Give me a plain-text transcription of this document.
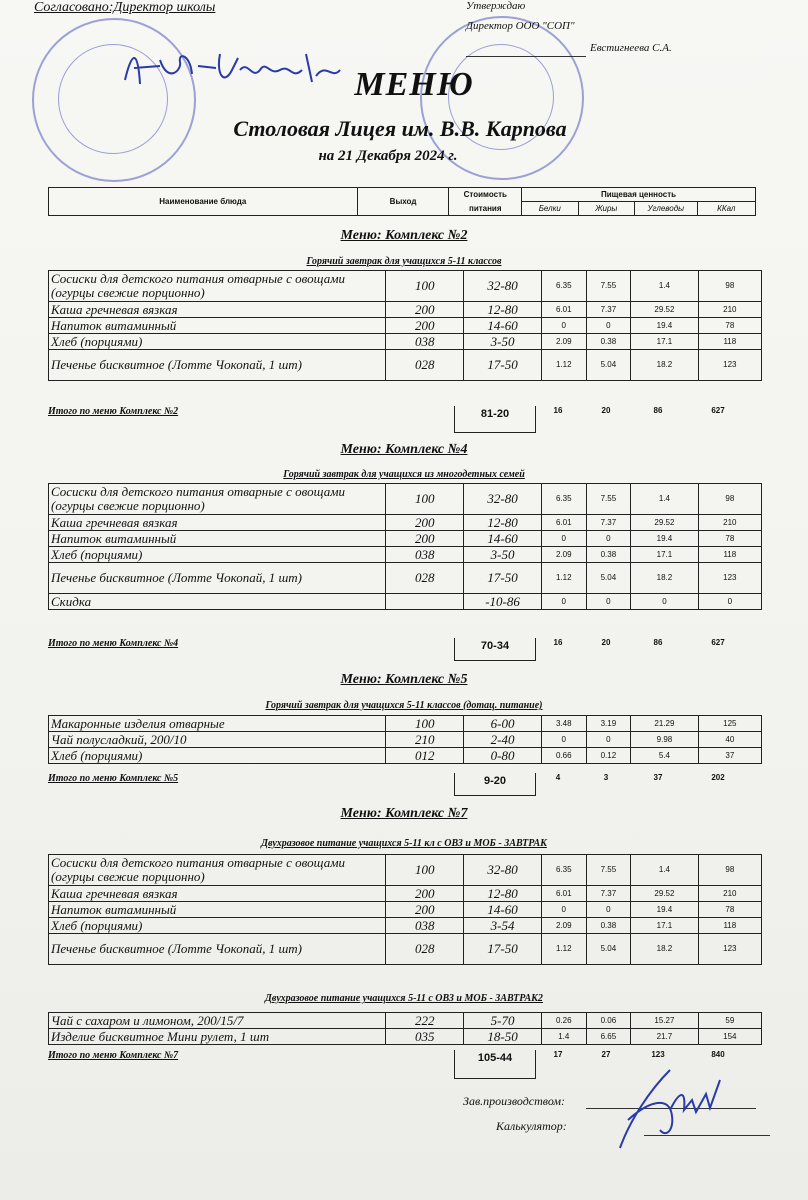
Согласовано:Директор школы	Утверждаю
Директор ООО "СОП"
Евстигнеева С.А.
МЕНЮ
Столовая Лицея им. В.В. Карпова
на 21 Декабря 2024 г.
Наименование блюда	Выход	Стоимость	Пищевая ценность			
		питания	Белки	Жиры	Углеводы	ККал
Меню: Комплекс №2
Горячий завтрак для учащихся 5-11 классов
Сосиски для детского питания отварные с овощами (огурцы свежие порционно)	100	32-80	6.35	7.55	1.4	98
Каша гречневая вязкая	200	12-80	6.01	7.37	29.52	210
Напиток витаминный	200	14-60	0	0	19.4	78
Хлеб (порциями)	038	3-50	2.09	0.38	17.1	118
Печенье бисквитное (Лотте Чокопай, 1 шт)	028	17-50	1.12	5.04	18.2	123
Итого по меню Комплекс №2	81-20	16	20	86	627
Меню: Комплекс №4
Горячий завтрак для учащихся из многодетных семей
Сосиски для детского питания отварные с овощами (огурцы свежие порционно)	100	32-80	6.35	7.55	1.4	98
Каша гречневая вязкая	200	12-80	6.01	7.37	29.52	210
Напиток витаминный	200	14-60	0	0	19.4	78
Хлеб (порциями)	038	3-50	2.09	0.38	17.1	118
Печенье бисквитное (Лотте Чокопай, 1 шт)	028	17-50	1.12	5.04	18.2	123
Скидка		-10-86	0	0	0	0
Итого по меню Комплекс №4	70-34	16	20	86	627
Меню: Комплекс №5
Горячий завтрак для учащихся 5-11 классов (дотац. питание)
Макаронные изделия отварные	100	6-00	3.48	3.19	21.29	125
Чай полусладкий, 200/10	210	2-40	0	0	9.98	40
Хлеб (порциями)	012	0-80	0.66	0.12	5.4	37
Итого по меню Комплекс №5	9-20	4	3	37	202
Меню: Комплекс №7
Двухразовое питание учащихся 5-11 кл с ОВЗ и МОБ - ЗАВТРАК
Сосиски для детского питания отварные с овощами (огурцы свежие порционно)	100	32-80	6.35	7.55	1.4	98
Каша гречневая вязкая	200	12-80	6.01	7.37	29.52	210
Напиток витаминный	200	14-60	0	0	19.4	78
Хлеб (порциями)	038	3-54	2.09	0.38	17.1	118
Печенье бисквитное (Лотте Чокопай, 1 шт)	028	17-50	1.12	5.04	18.2	123
Двухразовое питание учащихся 5-11 с ОВЗ и МОБ - ЗАВТРАК2
Чай с сахаром и лимоном, 200/15/7	222	5-70	0.26	0.06	15.27	59
Изделие бисквитное Мини рулет, 1 шт	035	18-50	1.4	6.65	21.7	154
Итого по меню Комплекс №7	105-44	17	27	123	840
Зав.производством:
Калькулятор:
